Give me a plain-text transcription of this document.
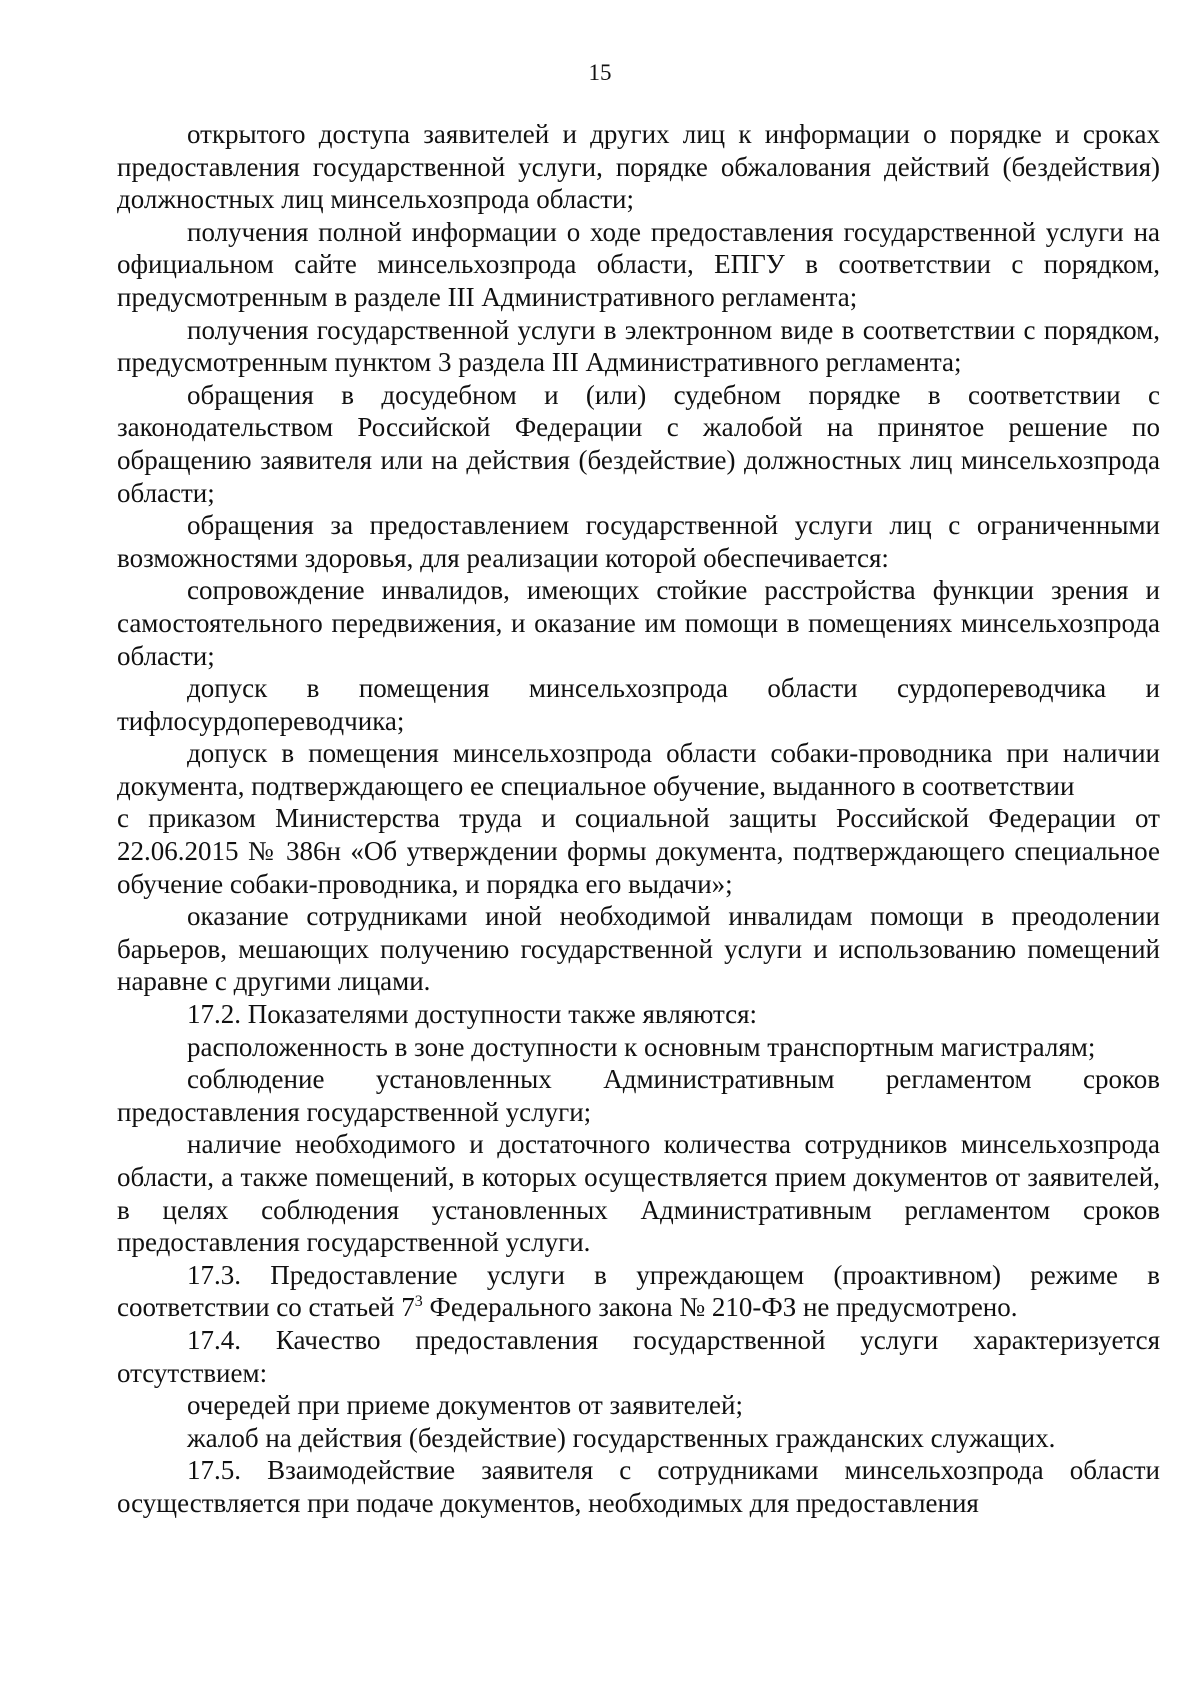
15

открытого доступа заявителей и других лиц к информации о порядке и сроках предоставления государственной услуги, порядке обжалования действий (бездействия) должностных лиц минсельхозпрода области;

получения полной информации о ходе предоставления государственной услуги на официальном сайте минсельхозпрода области, ЕПГУ в соответствии с порядком, предусмотренным в разделе III Административного регламента;

получения государственной услуги в электронном виде в соответствии с порядком, предусмотренным пунктом 3 раздела III Административного регламента;

обращения в досудебном и (или) судебном порядке в соответствии с законодательством Российской Федерации с жалобой на принятое решение по обращению заявителя или на действия (бездействие) должностных лиц минсельхозпрода области;

обращения за предоставлением государственной услуги лиц с ограниченными возможностями здоровья, для реализации которой обеспечивается:

сопровождение инвалидов, имеющих стойкие расстройства функции зрения и самостоятельного передвижения, и оказание им помощи в помещениях минсельхозпрода области;

допуск в помещения минсельхозпрода области сурдопереводчика и тифлосурдопереводчика;

допуск в помещения минсельхозпрода области собаки-проводника при наличии документа, подтверждающего ее специальное обучение, выданного в соответствии

с приказом Министерства труда и социальной защиты Российской Федерации от 22.06.2015 № 386н «Об утверждении формы документа, подтверждающего специальное обучение собаки-проводника, и порядка его выдачи»;

оказание сотрудниками иной необходимой инвалидам помощи в преодолении барьеров, мешающих получению государственной услуги и использованию помещений наравне с другими лицами.

17.2. Показателями доступности также являются:

расположенность в зоне доступности к основным транспортным магистралям;

соблюдение установленных Административным регламентом сроков предоставления государственной услуги;

наличие необходимого и достаточного количества сотрудников минсельхозпрода области, а также помещений, в которых осуществляется прием документов от заявителей, в целях соблюдения установленных Административным регламентом сроков предоставления государственной услуги.

17.3. Предоставление услуги в упреждающем (проактивном) режиме в соответствии со статьей $7^3$ Федерального закона № 210-ФЗ не предусмотрено.

17.4. Качество предоставления государственной услуги характеризуется отсутствием:

очередей при приеме документов от заявителей;

жалоб на действия (бездействие) государственных гражданских служащих.

17.5. Взаимодействие заявителя с сотрудниками минсельхозпрода области осуществляется при подаче документов, необходимых для предоставления
